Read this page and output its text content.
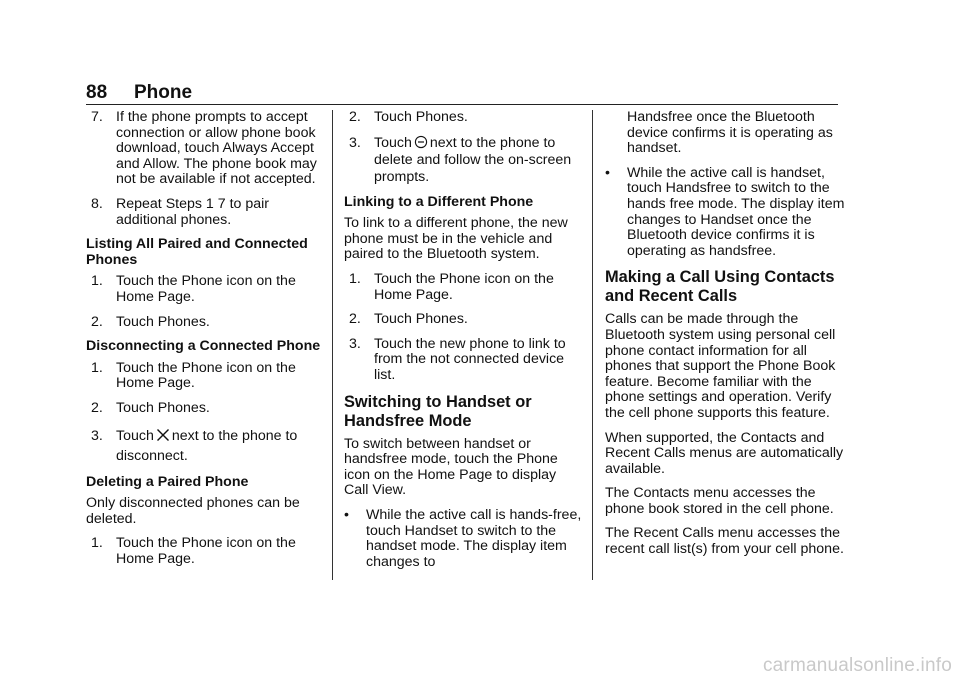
88 Phone
7. If the phone prompts to accept connection or allow phone book download, touch Always Accept and Allow. The phone book may not be available if not accepted.
8. Repeat Steps 1 7 to pair additional phones.
Listing All Paired and Connected Phones
1. Touch the Phone icon on the Home Page.
2. Touch Phones.
Disconnecting a Connected Phone
1. Touch the Phone icon on the Home Page.
2. Touch Phones.
3. Touch next to the phone to disconnect.
Deleting a Paired Phone

Only disconnected phones can be deleted.

1. Touch the Phone icon on the Home Page.
2. Touch Phones.
3. Touch next to the phone to delete and follow the on-screen prompts.
Linking to a Different Phone

To link to a different phone, the new phone must be in the vehicle and paired to the Bluetooth system.

1. Touch the Phone icon on the Home Page.
2. Touch Phones.
3. Touch the new phone to link to from the not connected device list.
Switching to Handset or Handsfree Mode

To switch between handset or handsfree mode, touch the Phone icon on the Home Page to display Call View.

• While the active call is hands-free, touch Handset to switch to the handset mode. The display item changes to
Handsfree once the Bluetooth device confirms it is operating as handset.
• While the active call is handset, touch Handsfree to switch to the hands free mode. The display item changes to Handset once the Bluetooth device confirms it is operating as handsfree.
Making a Call Using Contacts and Recent Calls

Calls can be made through the Bluetooth system using personal cell phone contact information for all phones that support the Phone Book feature. Become familiar with the phone settings and operation. Verify the cell phone supports this feature.

When supported, the Contacts and Recent Calls menus are automatically available.

The Contacts menu accesses the phone book stored in the cell phone.

The Recent Calls menu accesses the recent call list(s) from your cell phone.

carmanualsonline.info
